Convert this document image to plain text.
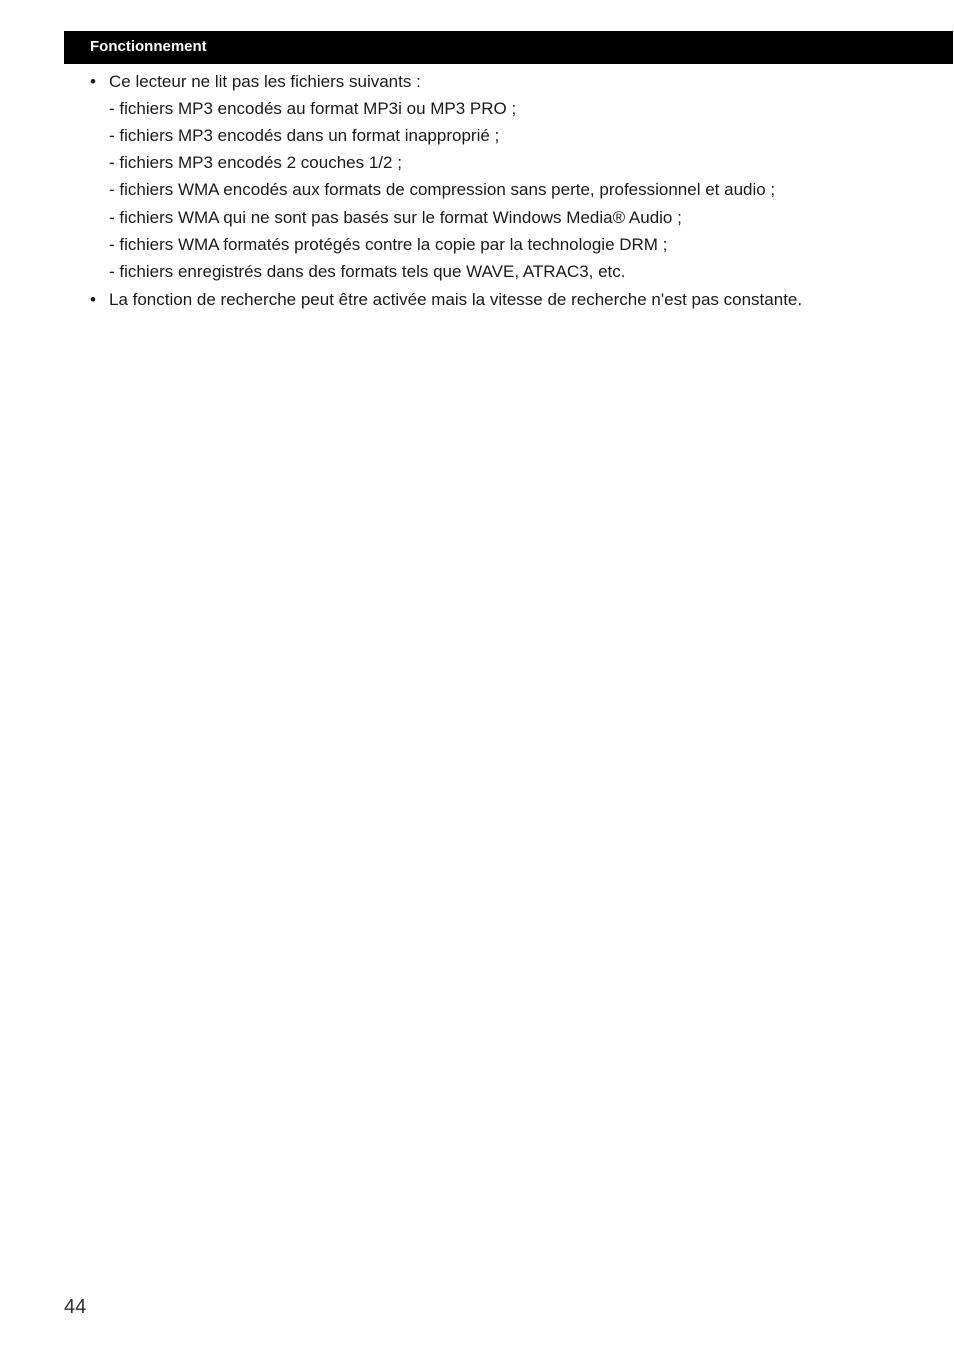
Fonctionnement
• Ce lecteur ne lit pas les fichiers suivants :
- fichiers MP3 encodés au format MP3i ou MP3 PRO ;
- fichiers MP3 encodés dans un format inapproprié ;
- fichiers MP3 encodés 2 couches 1/2 ;
- fichiers WMA encodés aux formats de compression sans perte, professionnel et audio ;
- fichiers WMA qui ne sont pas basés sur le format Windows Media® Audio ;
- fichiers WMA formatés protégés contre la copie par la technologie DRM ;
- fichiers enregistrés dans des formats tels que WAVE, ATRAC3, etc.
• La fonction de recherche peut être activée mais la vitesse de recherche n'est pas constante.
44
